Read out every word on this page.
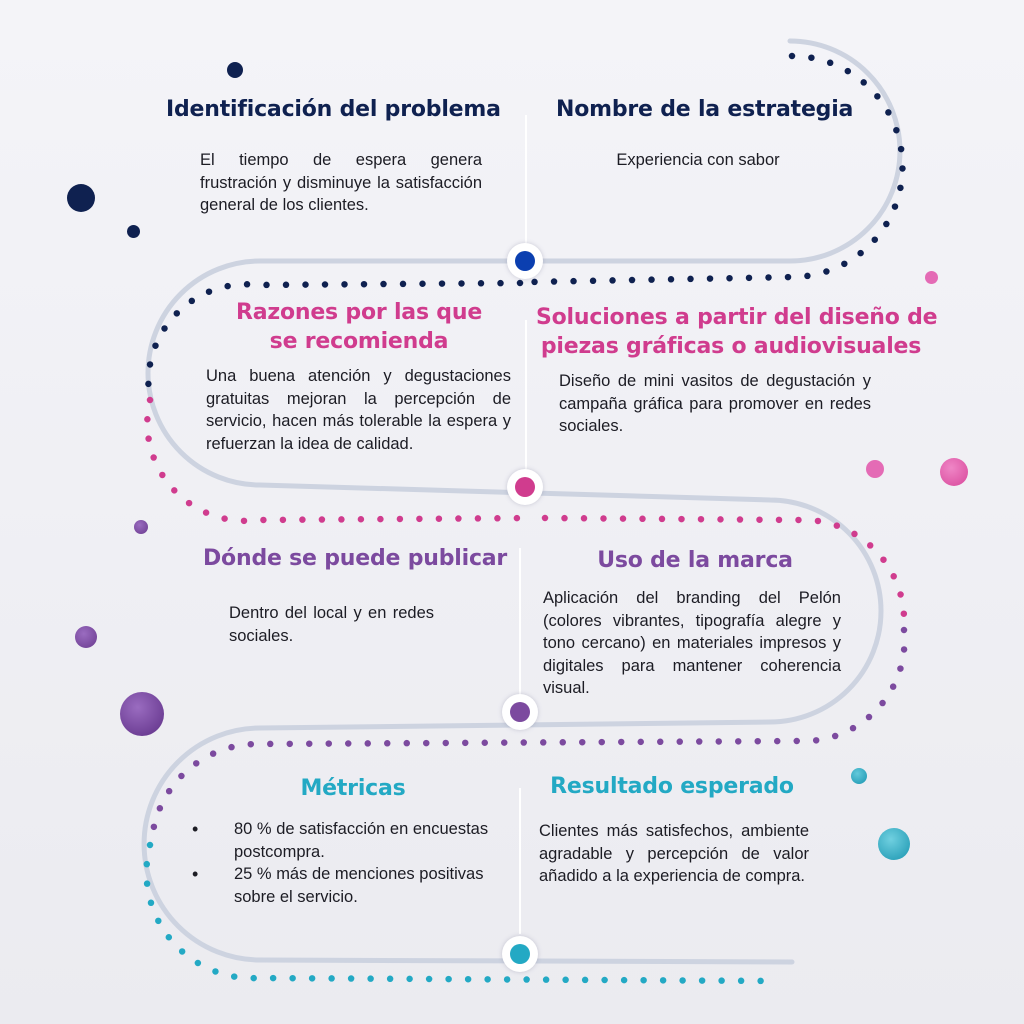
Identificación del problema

El tiempo de espera genera frustración y disminuye la satisfacción general de los clientes.

Nombre de la estrategia

Experiencia con sabor

Razones por las que
se recomienda

Una buena atención y degustaciones gratuitas mejoran la percepción de servicio, hacen más tolerable la espera y refuerzan la idea de calidad.

Soluciones a partir del diseño de
piezas gráficas o audiovisuales

Diseño de mini vasitos de degustación y campaña gráfica para promover en redes sociales.

Dónde se puede publicar

Dentro del local y en redes sociales.

Uso de la marca

Aplicación del branding del Pelón (colores vibrantes, tipografía alegre y tono cercano) en materiales impresos y digitales para mantener coherencia visual.

Métricas
• 80 % de satisfacción en encuestas postcompra.
• 25 % más de menciones positivas sobre el servicio.
Resultado esperado

Clientes más satisfechos, ambiente agradable y percepción de valor añadido a la experiencia de compra.
